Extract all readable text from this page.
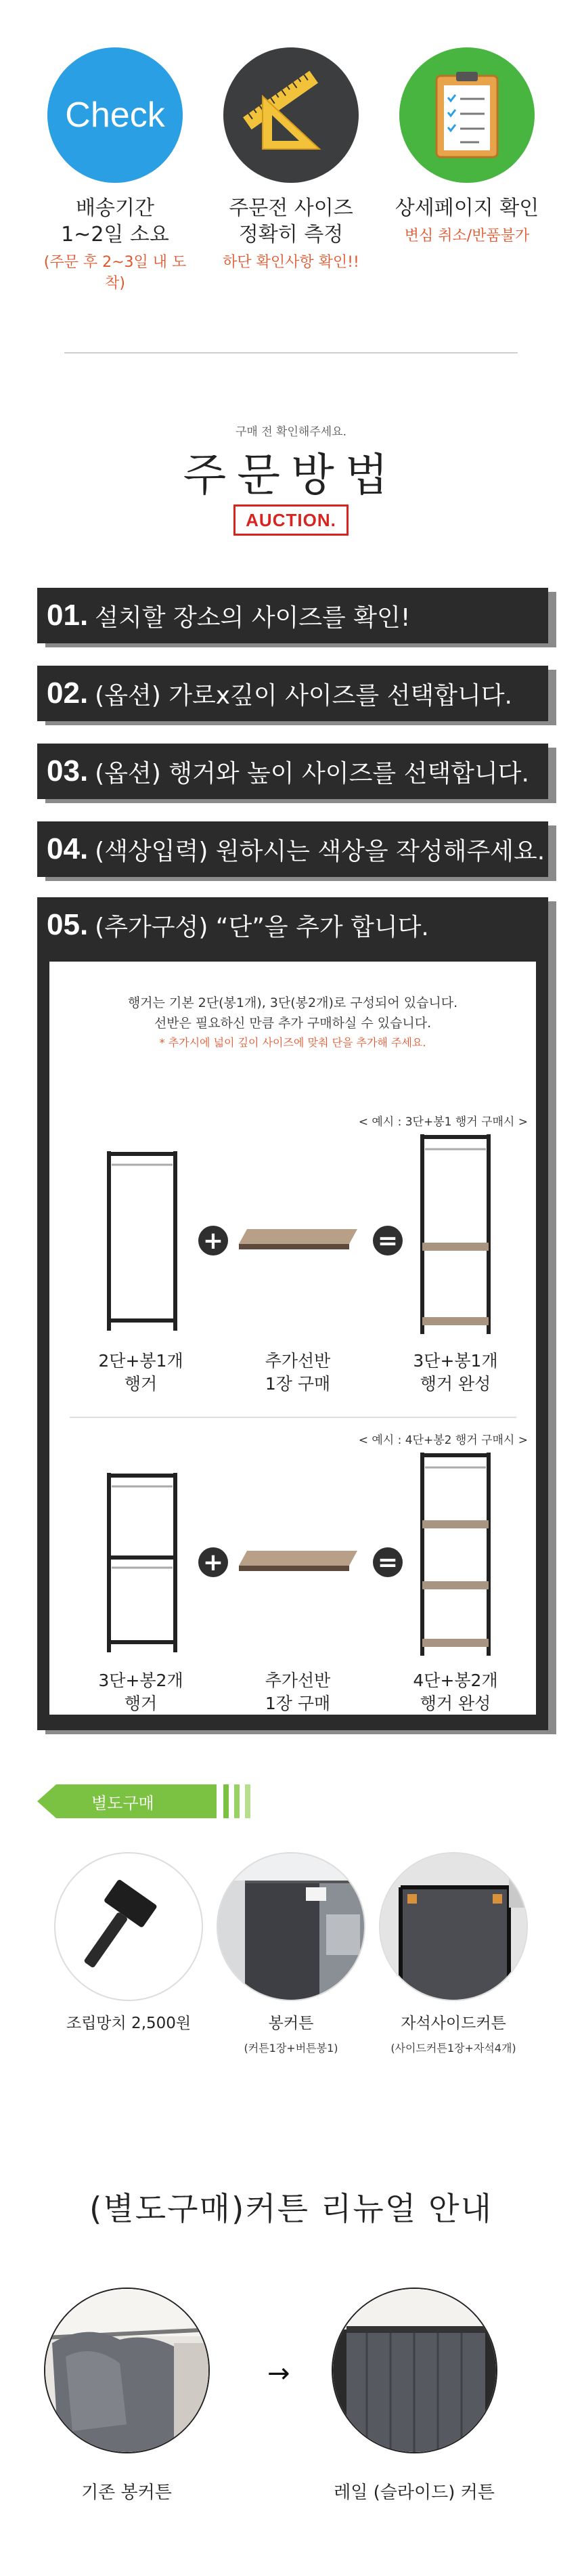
Check
배송기간
1~2일 소요
(주문 후 2~3일 내 도착)
주문전 사이즈
정확히 측정
하단 확인사항 확인!!
상세페이지 확인
변심 취소/반품불가
구매 전 확인해주세요.
주문방법
AUCTION.
01. 설치할 장소의 사이즈를 확인!
02. (옵션) 가로x깊이 사이즈를 선택합니다.
03. (옵션) 행거와 높이 사이즈를 선택합니다.
04. (색상입력) 원하시는 색상을 작성해주세요.
05. (추가구성) “단”을 추가 합니다.
행거는 기본 2단(봉1개), 3단(봉2개)로 구성되어 있습니다.
선반은 필요하신 만큼 추가 구매하실 수 있습니다.
* 추가시에 넓이 깊이 사이즈에 맞춰 단을 추가해 주세요.
< 예시 : 3단+봉1 행거 구매시 >
+	=
2단+봉1개
행거
추가선반
1장 구매
3단+봉1개
행거 완성
< 예시 : 4단+봉2 행거 구매시 >
+	=
3단+봉2개
행거
추가선반
1장 구매
4단+봉2개
행거 완성
별도구매
조립망치 2,500원	봉커튼
(커튼1장+버튼봉1)
자석사이드커튼
(사이드커튼1장+자석4개)
(별도구매)커튼 리뉴얼 안내
→
기존 봉커튼	레일 (슬라이드) 커튼
